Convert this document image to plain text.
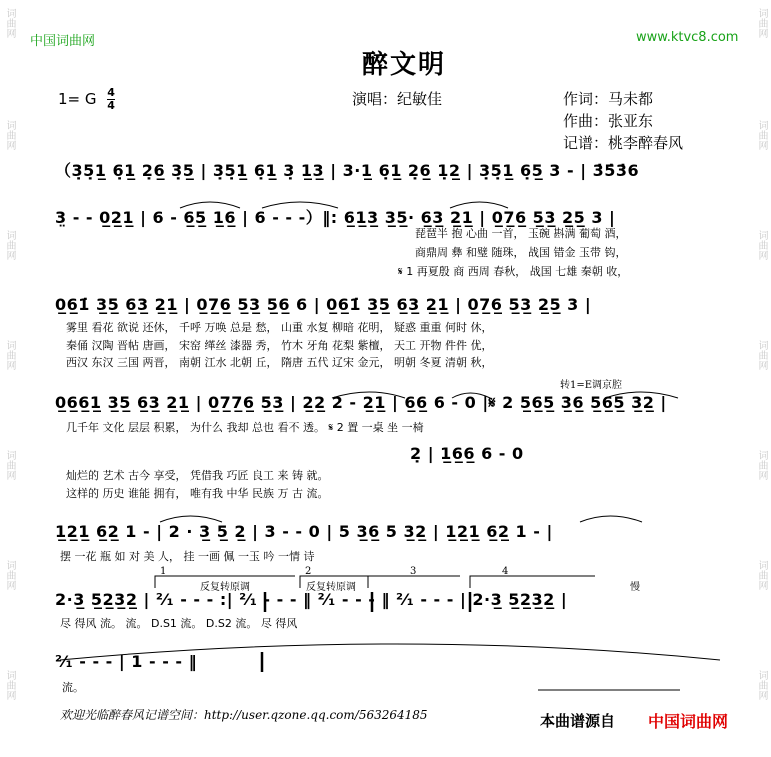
词曲网
词曲网
词曲网
词曲网
词曲网
词曲网
词曲网
词曲网
词曲网
词曲网
词曲网
词曲网
词曲网
词曲网
中国词曲网	www.ktvc8.com
醉文明
1= G $\frac{4}{4}$	演唱：纪敏佳	作词：马未都
作曲：张亚东
记谱：桃李醉春风
（3̣5̣1̲ 6̣1̲ 2̣6̲ 3̣5̲ | 3̣5̣1̲ 6̣1̲ 3̣ 1̲3̲ | 3·1̲ 6̣1̲ 2̣6̲ 1̣2̲ | 3̣5̣1̲ 6̣5̲ 3 - | 3̇5̇3̇6
3̤ - - 0̲2̲1̲ | 6 - 6̲5̲ 1̲6̲ | 6 - - -）‖: 6̲1̲3̲ 3̲5̲· 6̲3̲ 2̲1̲ | 0̲7̲6̲ 5̲3̲ 2̲5̲ 3 |
琵琶半 抱 心曲 一首， 玉碗 斟满 葡萄 酒，
商鼎周 彝 和璧 随珠， 战国 错金 玉带 钩，
𝄋 1 再夏殷 商 西周 春秋， 战国 七雄 秦朝 收，
0̲6̲1̇ 3̲5̲ 6̲3̲ 2̲1̲ | 0̲7̲6̲ 5̲3̲ 5̲6̲ 6 | 0̲6̲1̇ 3̲5̲ 6̲3̲ 2̲1̲ | 0̲7̲6̲ 5̲3̲ 2̲5̲ 3 |
雾里 看花 欲说 还休， 千呼 万唤 总是 愁， 山重 水复 柳暗 花明， 疑惑 重重 何时 休，
秦俑 汉陶 晋帖 唐画， 宋窑 缂丝 漆器 秀， 竹木 牙角 花梨 紫檀， 天工 开物 件件 优，
西汉 东汉 三国 两晋， 南朝 江水 北朝 丘， 隋唐 五代 辽宋 金元， 明朝 冬夏 清朝 秋，
转1=E调京腔
0̲6̲6̲1̲ 3̲5̲ 6̲3̲ 2̲1̲ | 0̲7̲7̲6̲ 5̲3̲ | 2̲2̲ 2 - 2̲1̲ | 6̲6̲ 6 - 0 |𝄋 2 5̲6̲5̲ 3̲6̲ 5̲6̲5̲ 3̲2̲ |
几千年 文化 层层 积累， 为什么 我却 总也 看不 透。 𝄋 2 置 一桌 坐 一椅
2̣ | 1̲6̲6̲ 6 - 0
灿烂的 艺术 古今 享受， 凭借我 巧匠 良工 来 铸 就。
这样的 历史 谁能 拥有， 唯有我 中华 民族 万 古 流。
1̲2̲1̲ 6̲2̲ 1 - | 2 · 3̲ 5̲ 2̲ | 3 - - 0 | 5 3̲6̲ 5 3̲2̲ | 1̲2̲1̲ 6̲2̲ 1 - |
摆 一花 瓶 如 对 美 人， 挂 一画 佩 一玉 吟 一情 诗
反复转原调	反复转原调
1	2	3	4
慢
2·3̲ 5̲2̲3̲2̲ | ²⁄₁ - - - :| ²⁄₁ - - - ‖ ²⁄₁ - - - ‖ ²⁄₁ - - - | 2·3̲ 5̲2̲3̲2̲ |
尽 得风 流。 流。 D.S1 流。 D.S2 流。 尽 得风
²⁄₁ - - - | 1 - - - ‖
流。
欢迎光临醉春风记谱空间：http://user.qzone.qq.com/563264185	本曲谱源自 中国词曲网
